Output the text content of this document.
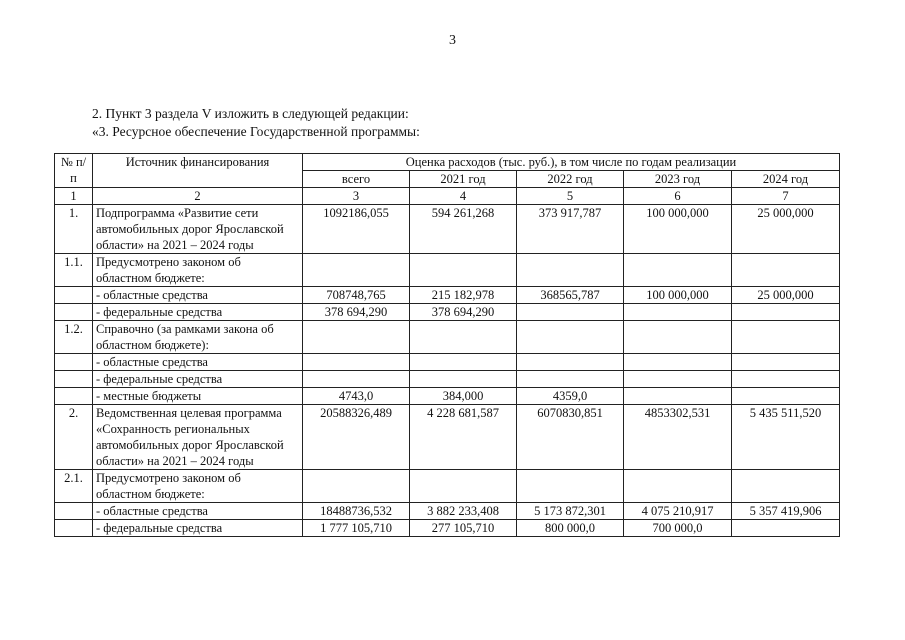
3
2. Пункт 3 раздела V изложить в следующей редакции:
«3. Ресурсное обеспечение Государственной программы:
№ п/п	Источник финансирования	Оценка расходов (тыс. руб.), в том числе по годам реализации				
		всего	2021 год	2022 год	2023 год	2024 год
1	2	3	4	5	6	7
1.	Подпрограмма «Развитие сети автомобильных дорог Ярославской области» на 2021 – 2024 годы	1092186,055	594 261,268	373 917,787	100 000,000	25 000,000
1.1.	Предусмотрено законом об областном бюджете:					
	- областные средства	708748,765	215 182,978	368565,787	100 000,000	25 000,000
	- федеральные средства	378 694,290	378 694,290			
1.2.	Справочно (за рамками закона об областном бюджете):					
	- областные средства					
	- федеральные средства					
	- местные бюджеты	4743,0	384,000	4359,0		
2.	Ведомственная целевая программа «Сохранность региональных автомобильных дорог Ярославской области» на 2021 – 2024 годы	20588326,489	4 228 681,587	6070830,851	4853302,531	5 435 511,520
2.1.	Предусмотрено законом об областном бюджете:					
	- областные средства	18488736,532	3 882 233,408	5 173 872,301	4 075 210,917	5 357 419,906
	- федеральные средства	1 777 105,710	277 105,710	800 000,0	700 000,0	
